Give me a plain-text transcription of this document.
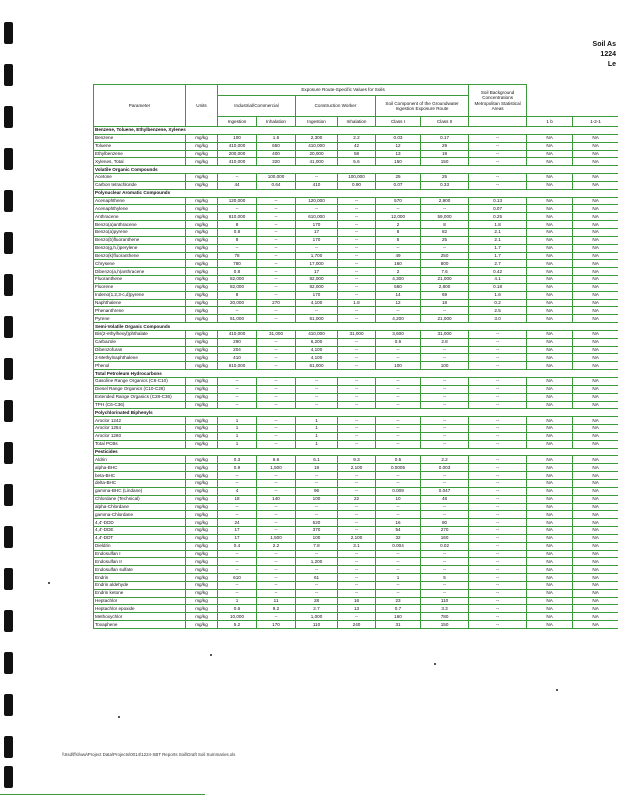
Soil As
1224
Le
Parameter	Units	Exposure Route-Specific Values for Soils						Soil Background Concentrations Metropolitan Statistical Areas		
		Industrial/Commercial		Construction Worker		Soil Component of the Groundwater Ingestion Exposure Route				
		Ingestion	Inhalation	Ingestion	Inhalation	Class I	Class II		1 b	1-2-1
Benzene, Toluene, Ethylbenzene, Xylenes										
Benzene	mg/kg	100	1.6	2,300	2.2	0.03	0.17	--	NA	NA
Toluene	mg/kg	410,000	650	410,000	42	12	29	--	NA	NA
Ethylbenzene	mg/kg	200,000	400	20,000	58	13	19	--	NA	NA
Xylenes, Total	mg/kg	410,000	320	41,000	5.6	150	150	--	NA	NA
Volatile Organic Compounds										
Acetone	mg/kg	--	100,000	--	100,000	25	25	--	NA	NA
Carbon tetrachloride	mg/kg	44	0.64	410	0.90	0.07	0.33	--	NA	NA
Polynuclear Aromatic Compounds										
Acenaphthene	mg/kg	120,000	--	120,000	--	570	2,900	0.13	NA	NA
Acenaphthylene	mg/kg	--	--	--	--	--	--	0.07	NA	NA
Anthracene	mg/kg	610,000	--	610,000	--	12,000	59,000	0.25	NA	NA
Benzo(a)anthracene	mg/kg	8	--	170	--	2	8	1.8	NA	NA
Benzo(a)pyrene	mg/kg	0.8	--	17	--	8	82	2.1	NA	NA
Benzo(b)fluoranthene	mg/kg	8	--	170	--	5	25	2.1	NA	NA
Benzo(g,h,i)perylene	mg/kg	--	--	--	--	--	--	1.7	NA	NA
Benzo(k)fluoranthene	mg/kg	78	--	1,700	--	49	250	1.7	NA	NA
Chrysene	mg/kg	780	--	17,000	--	160	800	2.7	NA	NA
Dibenzo(a,h)anthracene	mg/kg	0.8	--	17	--	2	7.6	0.42	NA	NA
Fluoranthene	mg/kg	82,000	--	82,000	--	4,300	21,000	4.1	NA	NA
Fluorene	mg/kg	82,000	--	82,000	--	560	2,800	0.18	NA	NA
Indeno(1,2,3-c,d)pyrene	mg/kg	8	--	170	--	14	69	1.6	NA	NA
Naphthalene	mg/kg	20,000	270	4,100	1.8	12	18	0.2	NA	NA
Phenanthrene	mg/kg	--	--	--	--	--	--	2.5	NA	NA
Pyrene	mg/kg	61,000	--	61,000	--	4,200	21,000	3.0	NA	NA
Semi-Volatile Organic Compounds										
Bis(2-ethylhexyl)phthalate	mg/kg	410,000	31,000	410,000	31,000	3,600	31,000	--	NA	NA
Carbazole	mg/kg	290	--	6,200	--	0.6	2.8	--	NA	NA
Dibenzofuran	mg/kg	204	--	4,100	--	--	--	--	NA	NA
2-Methylnaphthalene	mg/kg	410	--	4,100	--	--	--	--	NA	NA
Phenol	mg/kg	610,000	--	61,000	--	100	100	--	NA	NA
Total Petroleum Hydrocarbons										
Gasoline Range Organics (C6-C10)	mg/kg	--	--	--	--	--	--	--	NA	NA
Diesel Range Organics (C10-C28)	mg/kg	--	--	--	--	--	--	--	NA	NA
Extended Range Organics (C28-C36)	mg/kg	--	--	--	--	--	--	--	NA	NA
TPH (C6-C36)	mg/kg	--	--	--	--	--	--	--	NA	NA
Polychlorinated Biphenyls										
Aroclor 1242	mg/kg	1	--	1	--	--	--	--	NA	NA
Aroclor 1254	mg/kg	1	--	1	--	--	--	--	NA	NA
Aroclor 1260	mg/kg	1	--	1	--	--	--	--	NA	NA
Total PCBs	mg/kg	1	--	1	--	--	--	--	NA	NA
Pesticides										
Aldrin	mg/kg	0.3	6.6	6.1	9.3	0.5	2.2	--	NA	NA
alpha-BHC	mg/kg	0.9	1,500	19	2,100	0.0005	0.003	--	NA	NA
beta-BHC	mg/kg	--	--	--	--	--	--	--	NA	NA
delta-BHC	mg/kg	--	--	--	--	--	--	--	NA	NA
gamma-BHC (Lindane)	mg/kg	4	--	96	--	0.009	0.047	--	NA	NA
Chlordane (Technical)	mg/kg	18	140	100	22	10	48	--	NA	NA
alpha-Chlordane	mg/kg	--	--	--	--	--	--	--	NA	NA
gamma-Chlordane	mg/kg	--	--	--	--	--	--	--	NA	NA
4,4'-DDD	mg/kg	24	--	520	--	16	80	--	NA	NA
4,4'-DDE	mg/kg	17	--	370	--	54	270	--	NA	NA
4,4'-DDT	mg/kg	17	1,500	100	2,100	32	160	--	NA	NA
Dieldrin	mg/kg	0.4	2.2	7.8	3.1	0.004	0.02	--	NA	NA
Endosulfan I	mg/kg	--	--	--	--	--	--	--	NA	NA
Endosulfan II	mg/kg	--	--	1,200	--	--	--	--	NA	NA
Endosulfan sulfate	mg/kg	--	--	--	--	--	--	--	NA	NA
Endrin	mg/kg	610	--	61	--	1	5	--	NA	NA
Endrin aldehyde	mg/kg	--	--	--	--	--	--	--	NA	NA
Endrin ketone	mg/kg	--	--	--	--	--	--	--	NA	NA
Heptachlor	mg/kg	1	11	28	16	23	110	--	NA	NA
Heptachlor epoxide	mg/kg	0.6	9.2	2.7	13	0.7	3.3	--	NA	NA
Methoxychlor	mg/kg	10,000	--	1,000	--	160	780	--	NA	NA
Toxaphene	mg/kg	5.2	170	110	240	31	150	--	NA	NA
\\Ssd\ffs\\ww\Project Data\Projects\0014\1224-SBT Reports Soil\Draft Soil Summaries.xls
